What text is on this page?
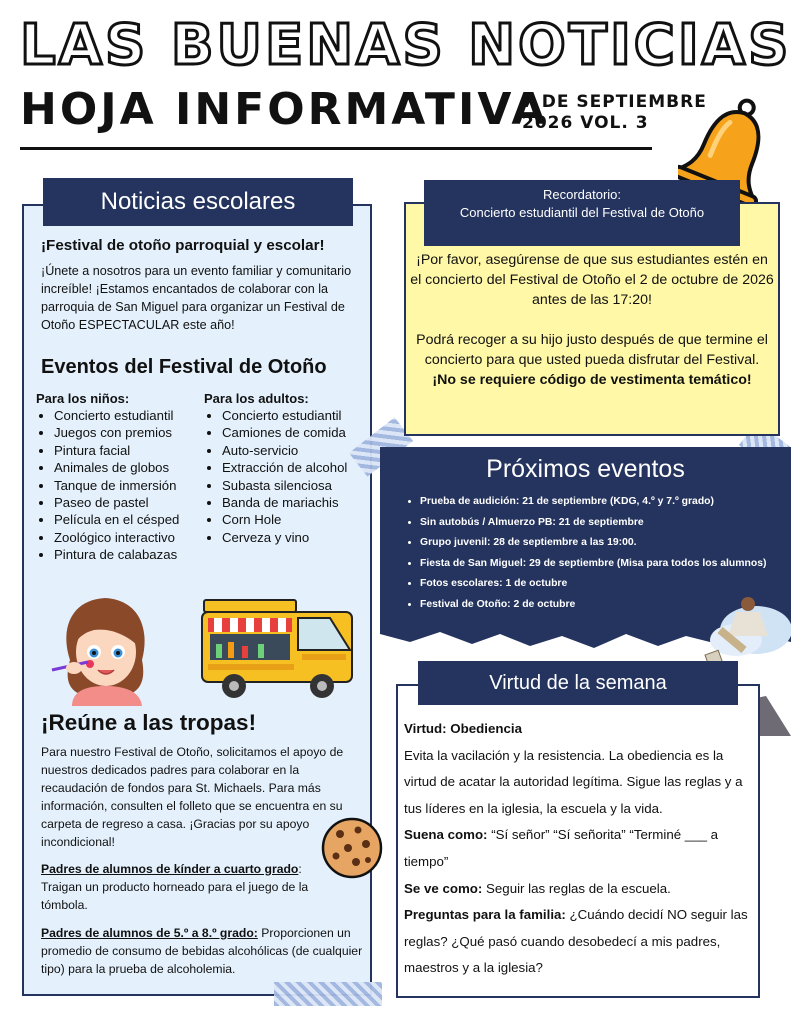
LAS BUENAS NOTICIAS
HOJA INFORMATIVA
7 DE SEPTIEMBRE
2026 VOL. 3
Noticias escolares
¡Festival de otoño parroquial y escolar!
¡Únete a nosotros para un evento familiar y comunitario increíble! ¡Estamos encantados de colaborar con la parroquia de San Miguel para organizar un Festival de Otoño ESPECTACULAR este año!
Eventos del Festival de Otoño
Para los niños:
• Concierto estudiantil
• Juegos con premios
• Pintura facial
• Animales de globos
• Tanque de inmersión
• Paseo de pastel
• Película en el césped
• Zoológico interactivo
• Pintura de calabazas
Para los adultos:
• Concierto estudiantil
• Camiones de comida
• Auto-servicio
• Extracción de alcohol
• Subasta silenciosa
• Banda de mariachis
• Corn Hole
• Cerveza y vino
¡Reúne a las tropas!
Para nuestro Festival de Otoño, solicitamos el apoyo de nuestros dedicados padres para colaborar en la recaudación de fondos para St. Michaels. Para más información, consulten el folleto que se encuentra en su carpeta de regreso a casa. ¡Gracias por su apoyo incondicional!
Padres de alumnos de kínder a cuarto grado: Traigan un producto horneado para el juego de la tómbola.
Padres de alumnos de 5.º a 8.º grado: Proporcionen un promedio de consumo de bebidas alcohólicas (de cualquier tipo) para la prueba de alcoholemia.
Recordatorio:
Concierto estudiantil del Festival de Otoño
¡Por favor, asegúrense de que sus estudiantes estén en el concierto del Festival de Otoño el 2 de octubre de 2026 antes de las 17:20!
Podrá recoger a su hijo justo después de que termine el concierto para que usted pueda disfrutar del Festival.
¡No se requiere código de vestimenta temático!
Próximos eventos
• Prueba de audición: 21 de septiembre (KDG, 4.º y 7.º grado)
• Sin autobús / Almuerzo PB: 21 de septiembre
• Grupo juvenil: 28 de septiembre a las 19:00.
• Fiesta de San Miguel: 29 de septiembre (Misa para todos los alumnos)
• Fotos escolares: 1 de octubre
• Festival de Otoño: 2 de octubre
Virtud de la semana
Virtud: Obediencia
Evita la vacilación y la resistencia. La obediencia es la virtud de acatar la autoridad legítima. Sigue las reglas y a tus líderes en la iglesia, la escuela y la vida.
Suena como: “Sí señor” “Sí señorita” “Terminé ___ a tiempo”
Se ve como: Seguir las reglas de la escuela.
Preguntas para la familia: ¿Cuándo decidí NO seguir las reglas? ¿Qué pasó cuando desobedecí a mis padres, maestros y a la iglesia?
